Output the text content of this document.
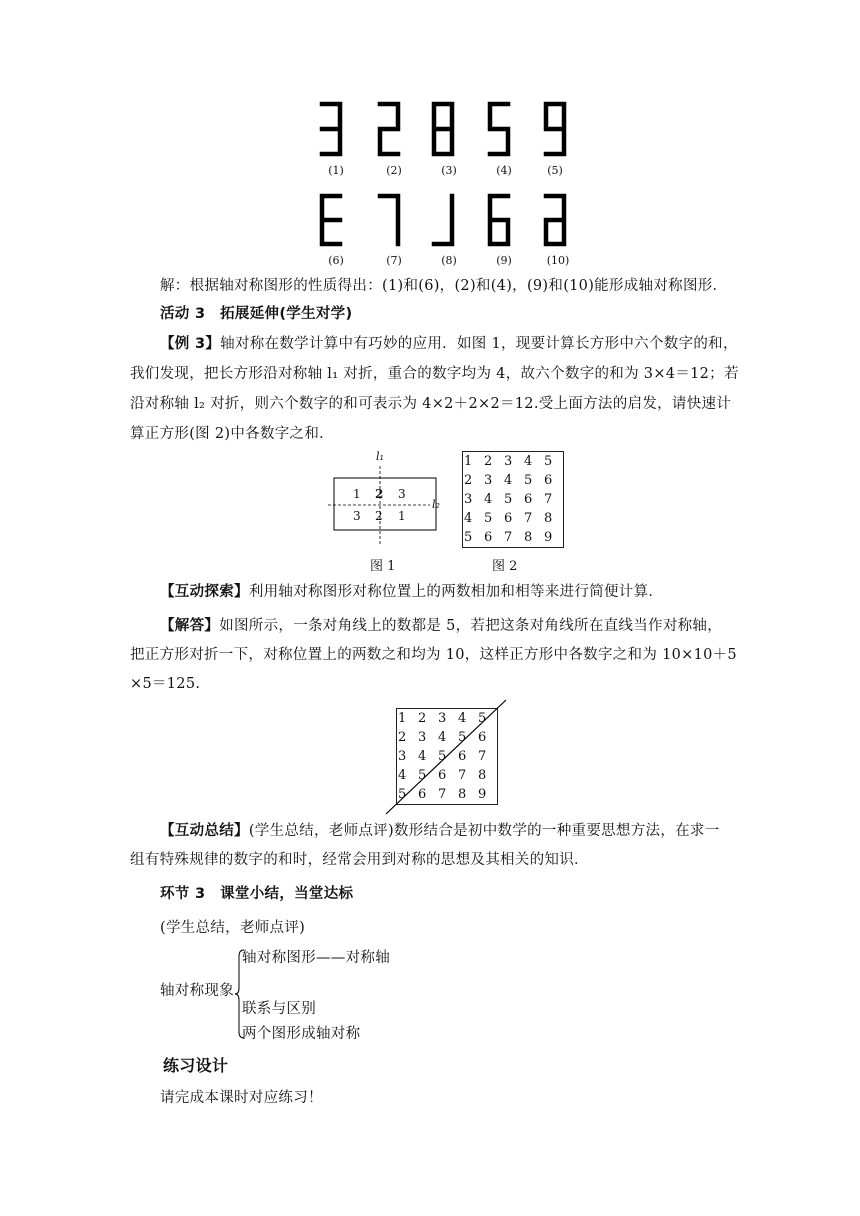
(1)	(2)	(3)	(4)	(5)
(6)	(7)	(8)	(9)	(10)
解：根据轴对称图形的性质得出：(1)和(6)，(2)和(4)，(9)和(10)能形成轴对称图形．
活动 3　拓展延伸(学生对学)
【例 3】轴对称在数学计算中有巧妙的应用．如图 1，现要计算长方形中六个数字的和，
我们发现，把长方形沿对称轴 l₁ 对折，重合的数字均为 4，故六个数字的和为 3×4＝12；若
沿对称轴 l₂ 对折，则六个数字的和可表示为 4×2＋2×2＝12.受上面方法的启发，请快速计
算正方形(图 2)中各数字之和．
l₁
l₂
1 2 3
3 2 1
图 1
1	2	3	4	5
2	3	4	5	6
3	4	5	6	7
4	5	6	7	8
5	6	7	8	9
图 2
【互动探索】利用轴对称图形对称位置上的两数相加和相等来进行简便计算．
【解答】如图所示，一条对角线上的数都是 5，若把这条对角线所在直线当作对称轴，
把正方形对折一下，对称位置上的两数之和均为 10，这样正方形中各数字之和为 10×10＋5
×5＝125.
1	2	3	4	5
2	3	4	5	6
3	4	5	6	7
4	5	6	7	8
5	6	7	8	9
【互动总结】(学生总结，老师点评)数形结合是初中数学的一种重要思想方法，在求一
组有特殊规律的数字的和时，经常会用到对称的思想及其相关的知识．
环节 3　课堂小结，当堂达标
(学生总结，老师点评)
轴对称现象
轴对称图形——对称轴
联系与区别
两个图形成轴对称
练习设计
请完成本课时对应练习！
